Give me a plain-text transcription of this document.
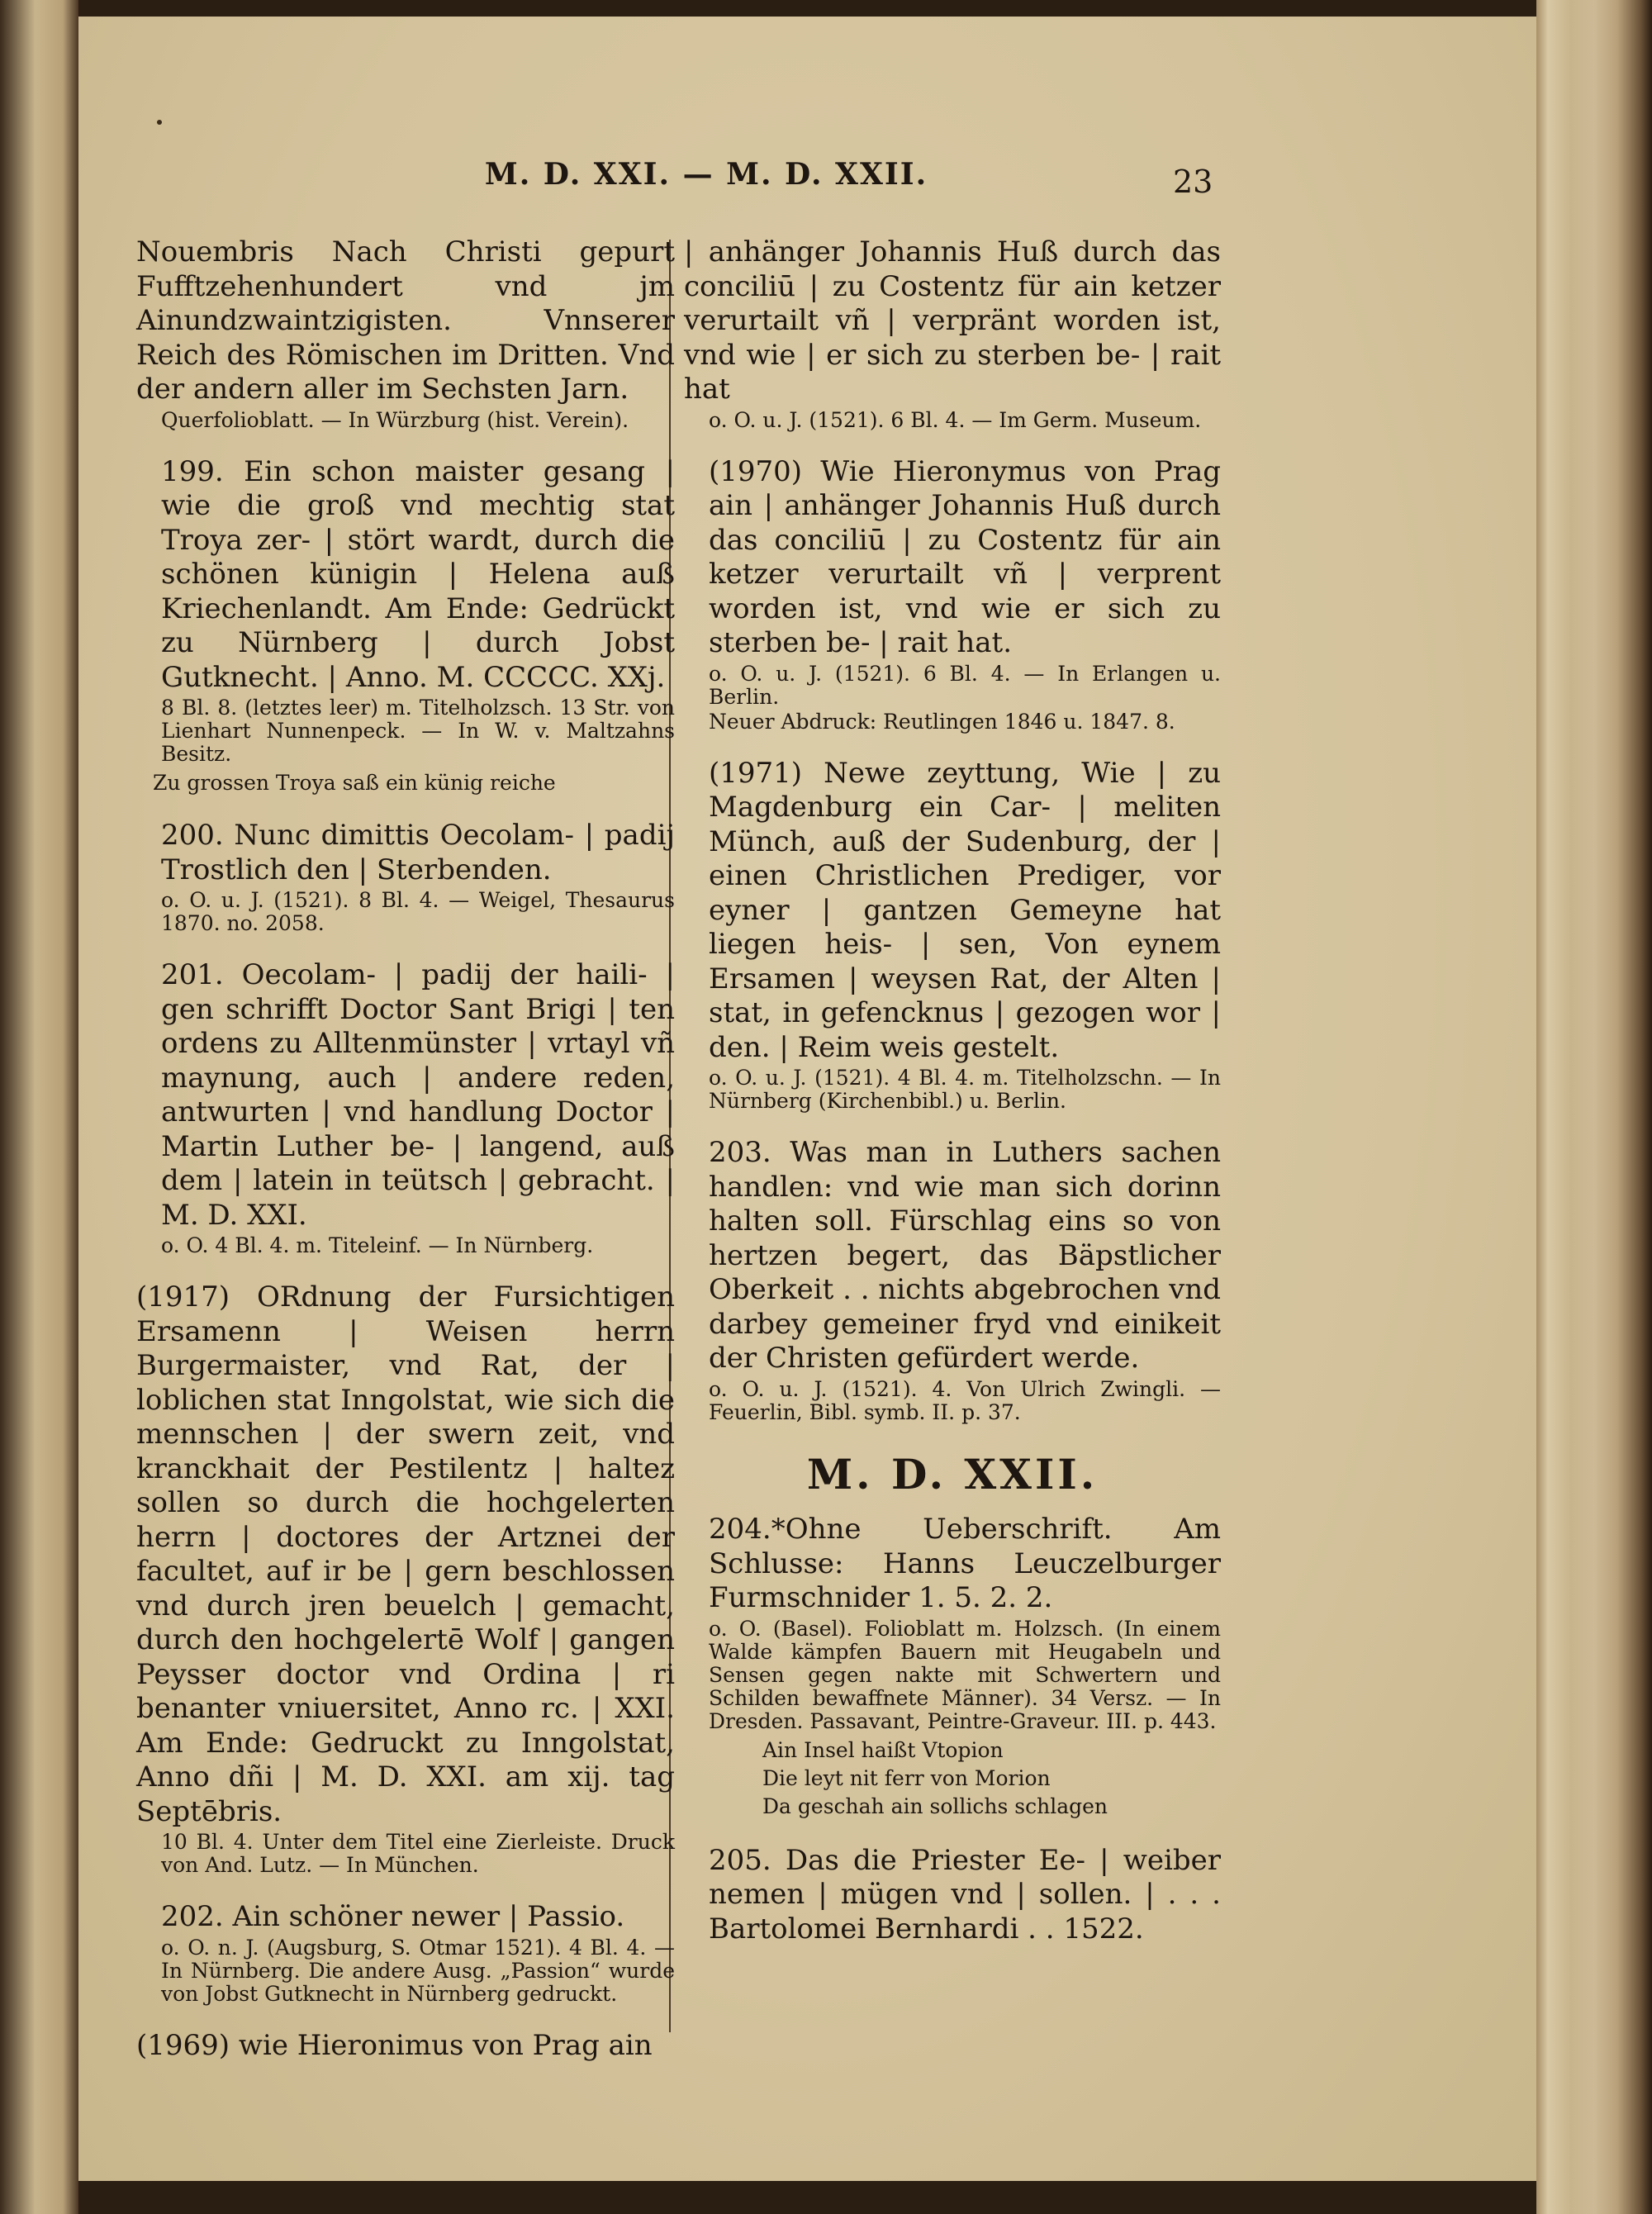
M. D. XXI. — M. D. XXII.	23

Nouembris Nach Christi gepurt Fufftzehenhundert vnd jm Ainundzwaintzigisten. Vnnserer Reich des Römischen im Dritten. Vnd der andern aller im Sechsten Jarn.

Querfolioblatt. — In Würzburg (hist. Verein).

199. Ein schon maister gesang | wie die groß vnd mechtig stat Troya zer- | stört wardt, durch die schönen künigin | Helena auß Kriechenlandt. Am Ende: Gedrückt zu Nürnberg | durch Jobst Gutknecht. | Anno. M. CCCCC. XXj.

8 Bl. 8. (letztes leer) m. Titelholzsch. 13 Str. von Lienhart Nunnenpeck. — In W. v. Maltzahns Besitz.

Zu grossen Troya saß ein künig reiche

200. Nunc dimittis Oecolam- | padij Trostlich den | Sterbenden.

o. O. u. J. (1521). 8 Bl. 4. — Weigel, Thesaurus 1870. no. 2058.

201. Oecolam- | padij der haili- | gen schrifft Doctor Sant Brigi | ten ordens zu Alltenmünster | vrtayl vñ maynung, auch | andere reden, antwurten | vnd handlung Doctor | Martin Luther be- | langend, auß dem | latein in teütsch | gebracht. | M. D. XXI.

o. O. 4 Bl. 4. m. Titeleinf. — In Nürnberg.

(1917) ORdnung der Fursichtigen Ersamenn | Weisen herrn Burgermaister, vnd Rat, der | loblichen stat Inngolstat, wie sich die mennschen | der swern zeit, vnd kranckhait der Pestilentz | haltez sollen so durch die hochgelerten herrn | doctores der Artznei der facultet, auf ir be | gern beschlossen vnd durch jren beuelch | gemacht, durch den hochgelertē Wolf | gangen Peysser doctor vnd Ordina | ri benanter vniuersitet, Anno rc. | XXI. Am Ende: Gedruckt zu Inngolstat, Anno dñi | M. D. XXI. am xij. tag Septēbris.

10 Bl. 4. Unter dem Titel eine Zierleiste. Druck von And. Lutz. — In München.

202. Ain schöner newer | Passio.

o. O. n. J. (Augsburg, S. Otmar 1521). 4 Bl. 4. — In Nürnberg. Die andere Ausg. „Passion“ wurde von Jobst Gutknecht in Nürnberg gedruckt.

(1969) wie Hieronimus von Prag ain

| anhänger Johannis Huß durch das conciliū | zu Costentz für ain ketzer verurtailt vñ | verpränt worden ist, vnd wie | er sich zu sterben be- | rait hat

o. O. u. J. (1521). 6 Bl. 4. — Im Germ. Museum.

(1970) Wie Hieronymus von Prag ain | anhänger Johannis Huß durch das conciliū | zu Costentz für ain ketzer verurtailt vñ | verprent worden ist, vnd wie er sich zu sterben be- | rait hat.

o. O. u. J. (1521). 6 Bl. 4. — In Erlangen u. Berlin.

Neuer Abdruck: Reutlingen 1846 u. 1847. 8.

(1971) Newe zeyttung, Wie | zu Magdenburg ein Car- | meliten Münch, auß der Sudenburg, der | einen Christlichen Prediger, vor eyner | gantzen Gemeyne hat liegen heis- | sen, Von eynem Ersamen | weysen Rat, der Alten | stat, in gefencknus | gezogen wor | den. | Reim weis gestelt.

o. O. u. J. (1521). 4 Bl. 4. m. Titelholzschn. — In Nürnberg (Kirchenbibl.) u. Berlin.

203. Was man in Luthers sachen handlen: vnd wie man sich dorinn halten soll. Fürschlag eins so von hertzen begert, das Bäpstlicher Oberkeit . . nichts abgebrochen vnd darbey gemeiner fryd vnd einikeit der Christen gefürdert werde.

o. O. u. J. (1521). 4. Von Ulrich Zwingli. — Feuerlin, Bibl. symb. II. p. 37.

M. D. XXII.

204.*Ohne Ueberschrift. Am Schlusse: Hanns Leuczelburger Furmschnider 1. 5. 2. 2.

o. O. (Basel). Folioblatt m. Holzsch. (In einem Walde kämpfen Bauern mit Heugabeln und Sensen gegen nakte mit Schwertern und Schilden bewaffnete Männer). 34 Versz. — In Dresden. Passavant, Peintre-Graveur. III. p. 443.

Ain Insel haißt Vtopion

Die leyt nit ferr von Morion

Da geschah ain sollichs schlagen

205. Das die Priester Ee- | weiber nemen | mügen vnd | sollen. | . . . Bartolomei Bernhardi . . 1522.
